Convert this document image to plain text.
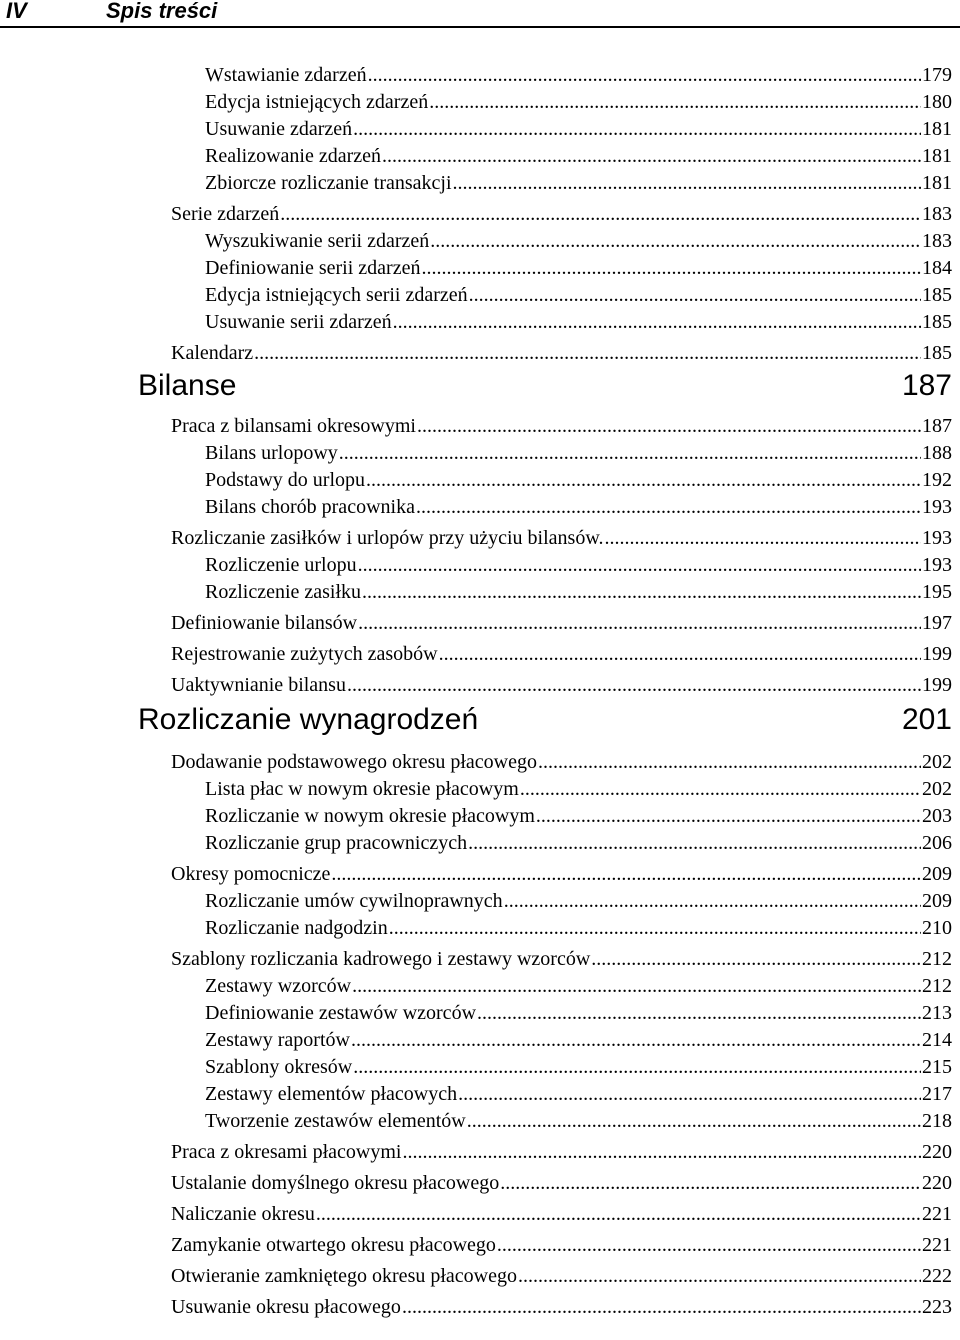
IV	Spis treści
Wstawianie zdarzeń .....	179
Edycja istniejących zdarzeń .....	180
Usuwanie zdarzeń .....	181
Realizowanie zdarzeń .....	181
Zbiorcze rozliczanie transakcji .....	181
Serie zdarzeń .....	183
Wyszukiwanie serii zdarzeń .....	183
Definiowanie serii zdarzeń .....	184
Edycja istniejących serii zdarzeń .....	185
Usuwanie serii zdarzeń .....	185
Kalendarz .....	185
Bilanse	187
Praca z bilansami okresowymi .....	187
Bilans urlopowy .....	188
Podstawy do urlopu .....	192
Bilans chorób pracownika .....	193
Rozliczanie zasiłków i urlopów przy użyciu bilansów. .....	193
Rozliczenie urlopu .....	193
Rozliczenie zasiłku .....	195
Definiowanie bilansów .....	197
Rejestrowanie zużytych zasobów .....	199
Uaktywnianie bilansu .....	199
Rozliczanie wynagrodzeń	201
Dodawanie podstawowego okresu płacowego .....	202
Lista płac w nowym okresie płacowym .....	202
Rozliczanie w nowym okresie płacowym .....	203
Rozliczanie grup pracowniczych .....	206
Okresy pomocnicze .....	209
Rozliczanie umów cywilnoprawnych .....	209
Rozliczanie nadgodzin .....	210
Szablony rozliczania kadrowego i zestawy wzorców .....	212
Zestawy wzorców .....	212
Definiowanie zestawów wzorców .....	213
Zestawy raportów .....	214
Szablony okresów .....	215
Zestawy elementów płacowych .....	217
Tworzenie zestawów elementów .....	218
Praca z okresami płacowymi .....	220
Ustalanie domyślnego okresu płacowego .....	220
Naliczanie okresu .....	221
Zamykanie otwartego okresu płacowego .....	221
Otwieranie zamkniętego okresu płacowego .....	222
Usuwanie okresu płacowego .....	223
